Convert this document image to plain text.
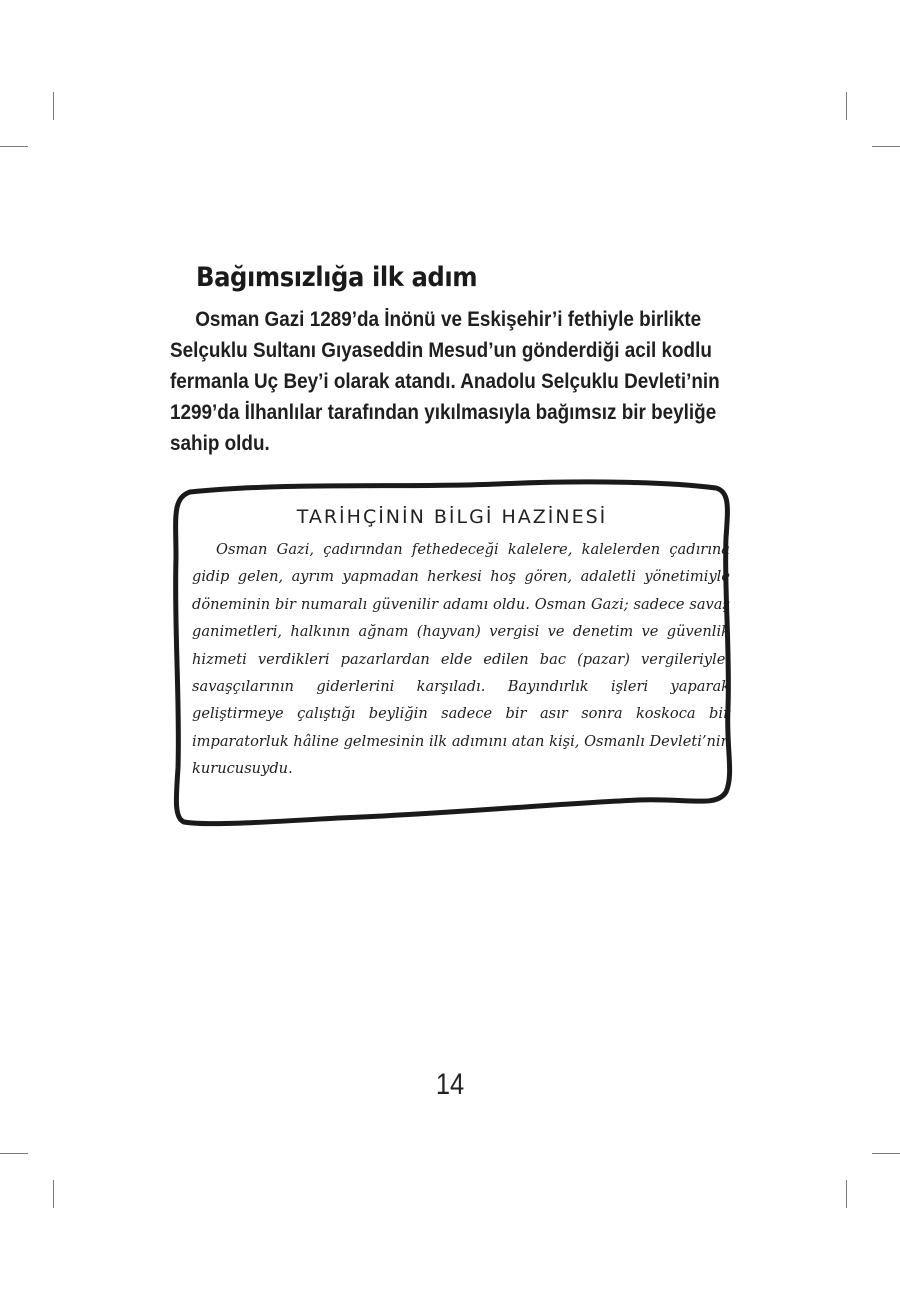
Bağımsızlığa ilk adım

Osman Gazi 1289’da İnönü ve Eskişehir’i fethiyle birlikte Selçuklu Sultanı Gıyaseddin Mesud’un gönderdiği acil kodlu fermanla Uç Bey’i olarak atandı. Anadolu Selçuklu Devleti’nin 1299’da İlhanlılar tarafından yıkılmasıyla bağımsız bir beyliğe sahip oldu.

TARİHÇİNİN BİLGİ HAZİNESİ

Osman Gazi, çadırından fethedeceği kalelere, kalelerden çadırına gidip gelen, ayrım yapmadan herkesi hoş gören, adaletli yönetimiyle döneminin bir numaralı güvenilir adamı oldu. Osman Gazi; sadece savaş ganimetleri, halkının ağnam (hayvan) vergisi ve denetim ve güvenlik hizmeti verdikleri pazarlardan elde edilen bac (pazar) vergileriyle, savaşçılarının giderlerini karşıladı. Bayındırlık işleri yaparak geliştirmeye çalıştığı beyliğin sadece bir asır sonra koskoca bir imparatorluk hâline gelmesinin ilk adımını atan kişi, Osmanlı Devleti’nin kurucusuydu.

14
